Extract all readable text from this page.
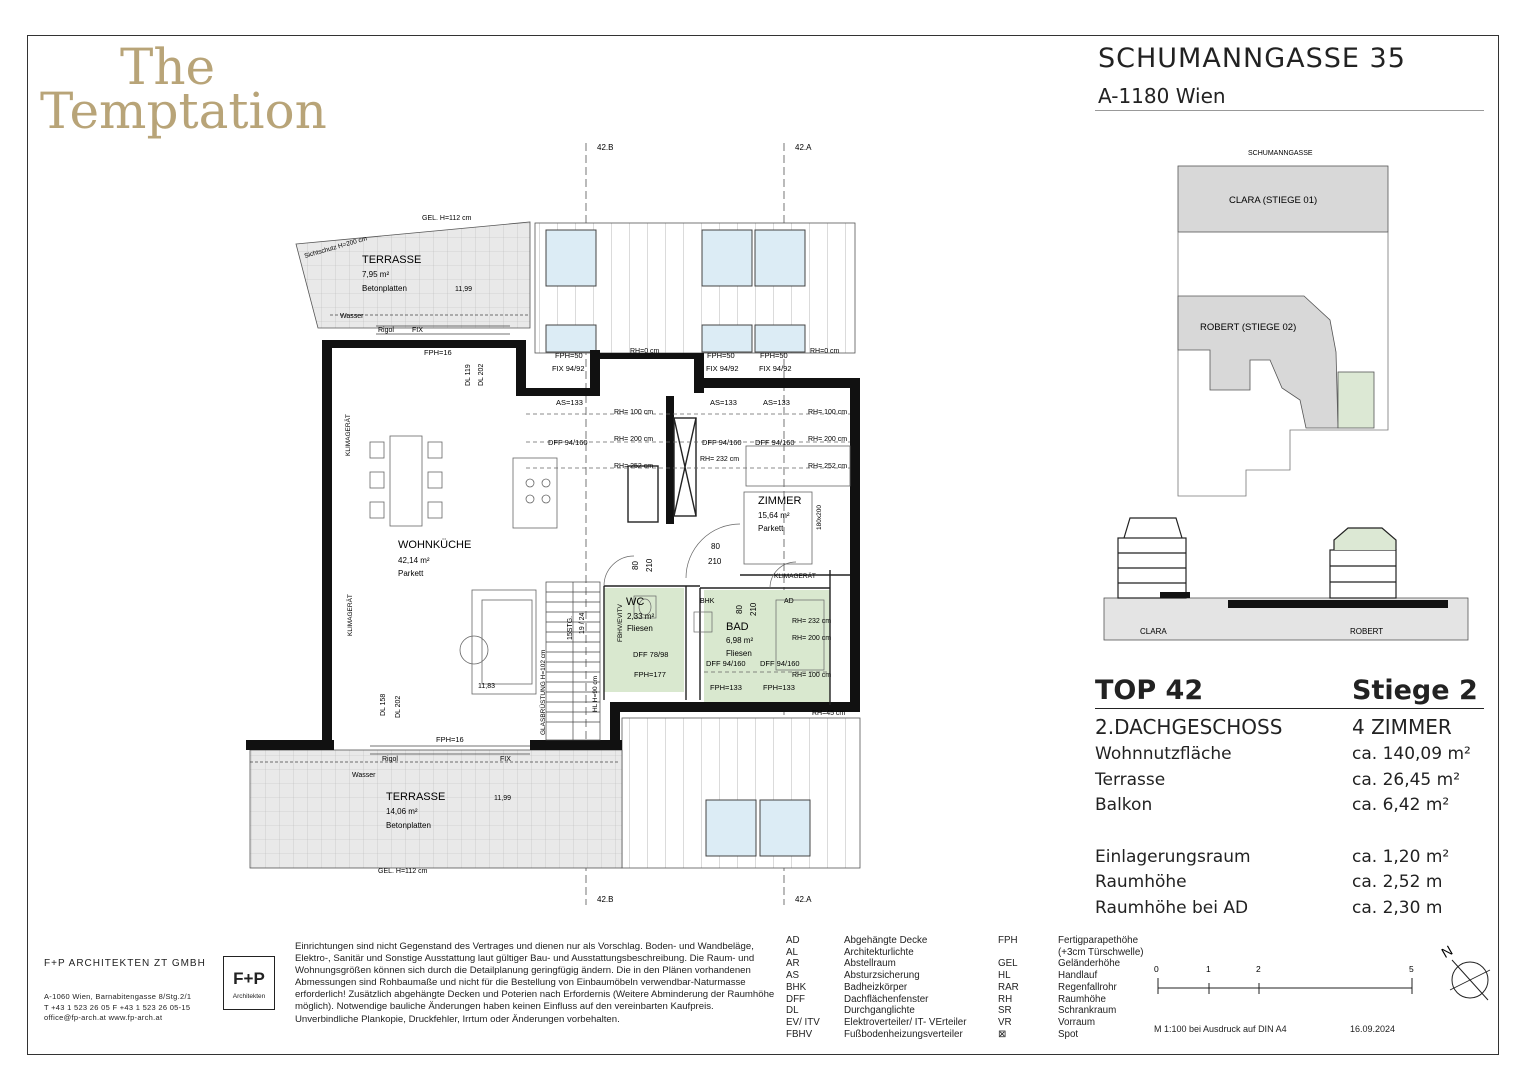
The
Temptation
SCHUMANNGASSE 35
A-1180 Wien
42.B	42.A
42.B	42.A
TERRASSE
7,95 m²
Betonplatten	11,99
GEL. H=112 cm
Sichtschutz H=200 cm
Wasser
Rigol	FIX
FPH=16
DL 119 DL 202
FPH=50
FIX 94/92
FPH=50
FIX 94/92
FPH=50
FIX 94/92
RH=0 cm	RH=0 cm
AS=133	AS=133	AS=133
DFF 94/160	DFF 94/160 DFF 94/160
RH= 100 cm
RH= 200 cm
RH= 252 cm
RH= 232 cm
RH= 100 cm
RH= 200 cm
RH= 252 cm
ZIMMER
15,64 m²
Parkett	180x200
WOHNKÜCHE
42,14 m²
Parkett
11,83
KLIMAGERÄT
KLIMAGERÄT
KLIMAGERÄT
80
210
80 210
80 210
15STG. 19 / 24
GLASBRÜSTUNG H=102 cm	HL H=90 cm
WC
2,33 m²
Fliesen
FBHV/EVITV
DFF 78/98
FPH=177
BHK	AD
BAD
6,98 m²
Fliesen
DFF 94/160 DFF 94/160
FPH=133	FPH=133
RH= 232 cm
RH= 200 cm
RH= 100 cm
RH=45 cm
DL 158 DL 202
FPH=16
Rigol	FIX
Wasser
TERRASSE
14,06 m²
Betonplatten
11,99
GEL. H=112 cm
SCHUMANNGASSE
CLARA (STIEGE 01)
ROBERT (STIEGE 02)
CLARA	ROBERT
0	1	2	5
N
TOP 42	Stiege 2
2.DACHGESCHOSS	4 ZIMMER
Wohnnutzfläche	ca. 140,09 m²
Terrasse	ca. 26,45 m²
Balkon	ca. 6,42 m²
Einlagerungsraum	ca. 1,20 m²
Raumhöhe	ca. 2,52 m
Raumhöhe bei AD	ca. 2,30 m
F+P ARCHITEKTEN ZT GMBH
A-1060 Wien, Barnabitengasse 8/Stg.2/1
T +43 1 523 26 05 F +43 1 523 26 05-15
office@fp-arch.at www.fp-arch.at
F+P
Architekten
Einrichtungen sind nicht Gegenstand des Vertrages und dienen nur als Vorschlag. Boden- und Wandbeläge, Elektro-, Sanitär und Sonstige Ausstattung laut gültiger Bau- und Ausstattungsbeschreibung. Die Raum- und Wohnungsgrößen können sich durch die Detailplanung geringfügig ändern. Die in den Plänen vorhandenen Abmessungen sind Rohbaumaße und nicht für die Bestellung von Einbaumöbeln verwendbar-Naturmasse erforderlich! Zusätzlich abgehängte Decken und Poterien nach Erfordernis (Weitere Abminderung der Raumhöhe möglich). Notwendige bauliche Änderungen haben keinen Einfluss auf den vereinbarten Kaufpreis. Unverbindliche Plankopie, Druckfehler, Irrtum oder Änderungen vorbehalten.
AD	Abgehängte Decke
AL	Architekturlichte
AR	Abstellraum
AS	Absturzsicherung
BHK	Badheizkörper
DFF	Dachflächenfenster
DL	Durchganglichte
EV/ ITV	Elektroverteiler/ IT- VErteiler
FBHV	Fußbodenheizungsverteiler
FPH	Fertigparapethöhe
(+3cm Türschwelle)
GEL	Geländerhöhe
HL	Handlauf
RAR	Regenfallrohr
RH	Raumhöhe
SR	Schrankraum
VR	Vorraum
⊠	Spot	M 1:100 bei Ausdruck auf DIN A4	16.09.2024
